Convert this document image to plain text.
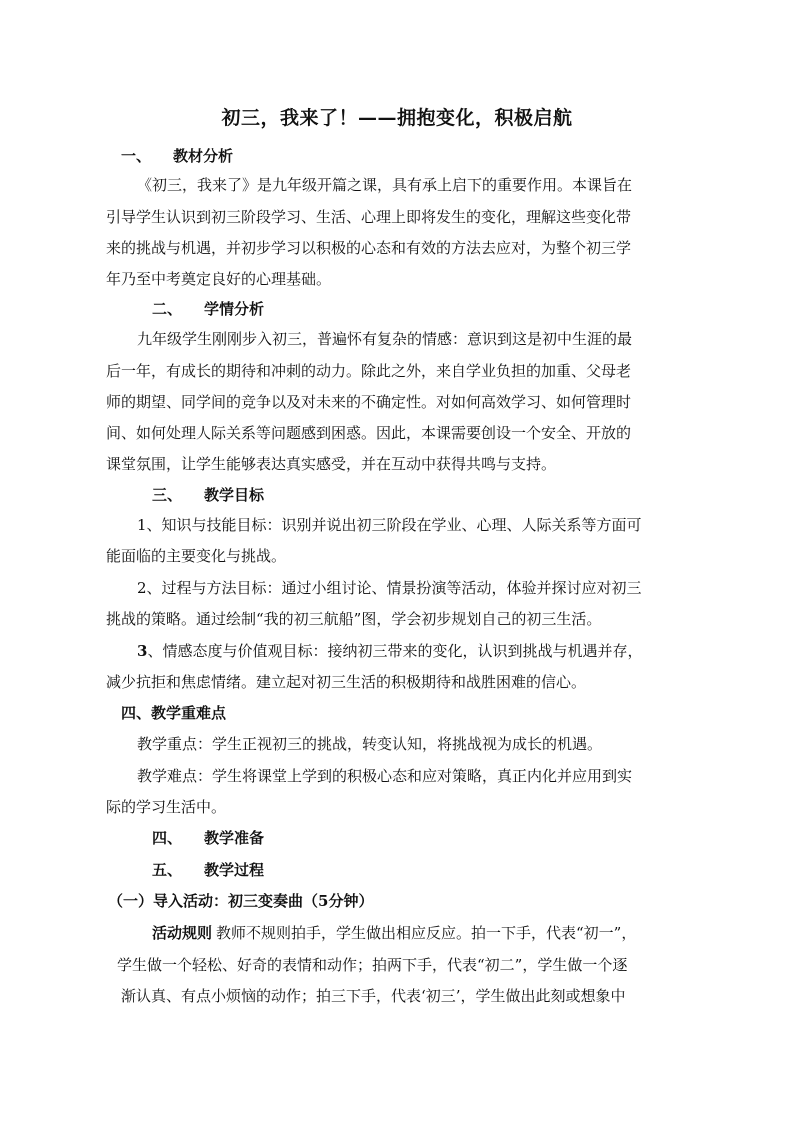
初三，我来了！——拥抱变化，积极启航
一、 教材分析
《初三，我来了》是九年级开篇之课，具有承上启下的重要作用。本课旨在
引导学生认识到初三阶段学习、生活、心理上即将发生的变化，理解这些变化带
来的挑战与机遇，并初步学习以积极的心态和有效的方法去应对，为整个初三学
年乃至中考奠定良好的心理基础。
二、 学情分析
九年级学生刚刚步入初三，普遍怀有复杂的情感：意识到这是初中生涯的最
后一年，有成长的期待和冲刺的动力。除此之外，来自学业负担的加重、父母老
师的期望、同学间的竞争以及对未来的不确定性。对如何高效学习、如何管理时
间、如何处理人际关系等问题感到困惑。因此，本课需要创设一个安全、开放的
课堂氛围，让学生能够表达真实感受，并在互动中获得共鸣与支持。
三、 教学目标
1、知识与技能目标：识别并说出初三阶段在学业、心理、人际关系等方面可
能面临的主要变化与挑战。
2、过程与方法目标：通过小组讨论、情景扮演等活动，体验并探讨应对初三
挑战的策略。通过绘制“我的初三航船”图，学会初步规划自己的初三生活。
3、情感态度与价值观目标：接纳初三带来的变化，认识到挑战与机遇并存，
减少抗拒和焦虑情绪。建立起对初三生活的积极期待和战胜困难的信心。
四、教学重难点
教学重点：学生正视初三的挑战，转变认知，将挑战视为成长的机遇。
教学难点：学生将课堂上学到的积极心态和应对策略，真正内化并应用到实
际的学习生活中。
四、 教学准备
五、 教学过程
（一）导入活动：初三变奏曲（5分钟）
活动规则 教师不规则拍手，学生做出相应反应。拍一下手，代表“初一”，
学生做一个轻松、好奇的表情和动作；拍两下手，代表“初二”，学生做一个逐
渐认真、有点小烦恼的动作；拍三下手，代表‘初三’，学生做出此刻或想象中
